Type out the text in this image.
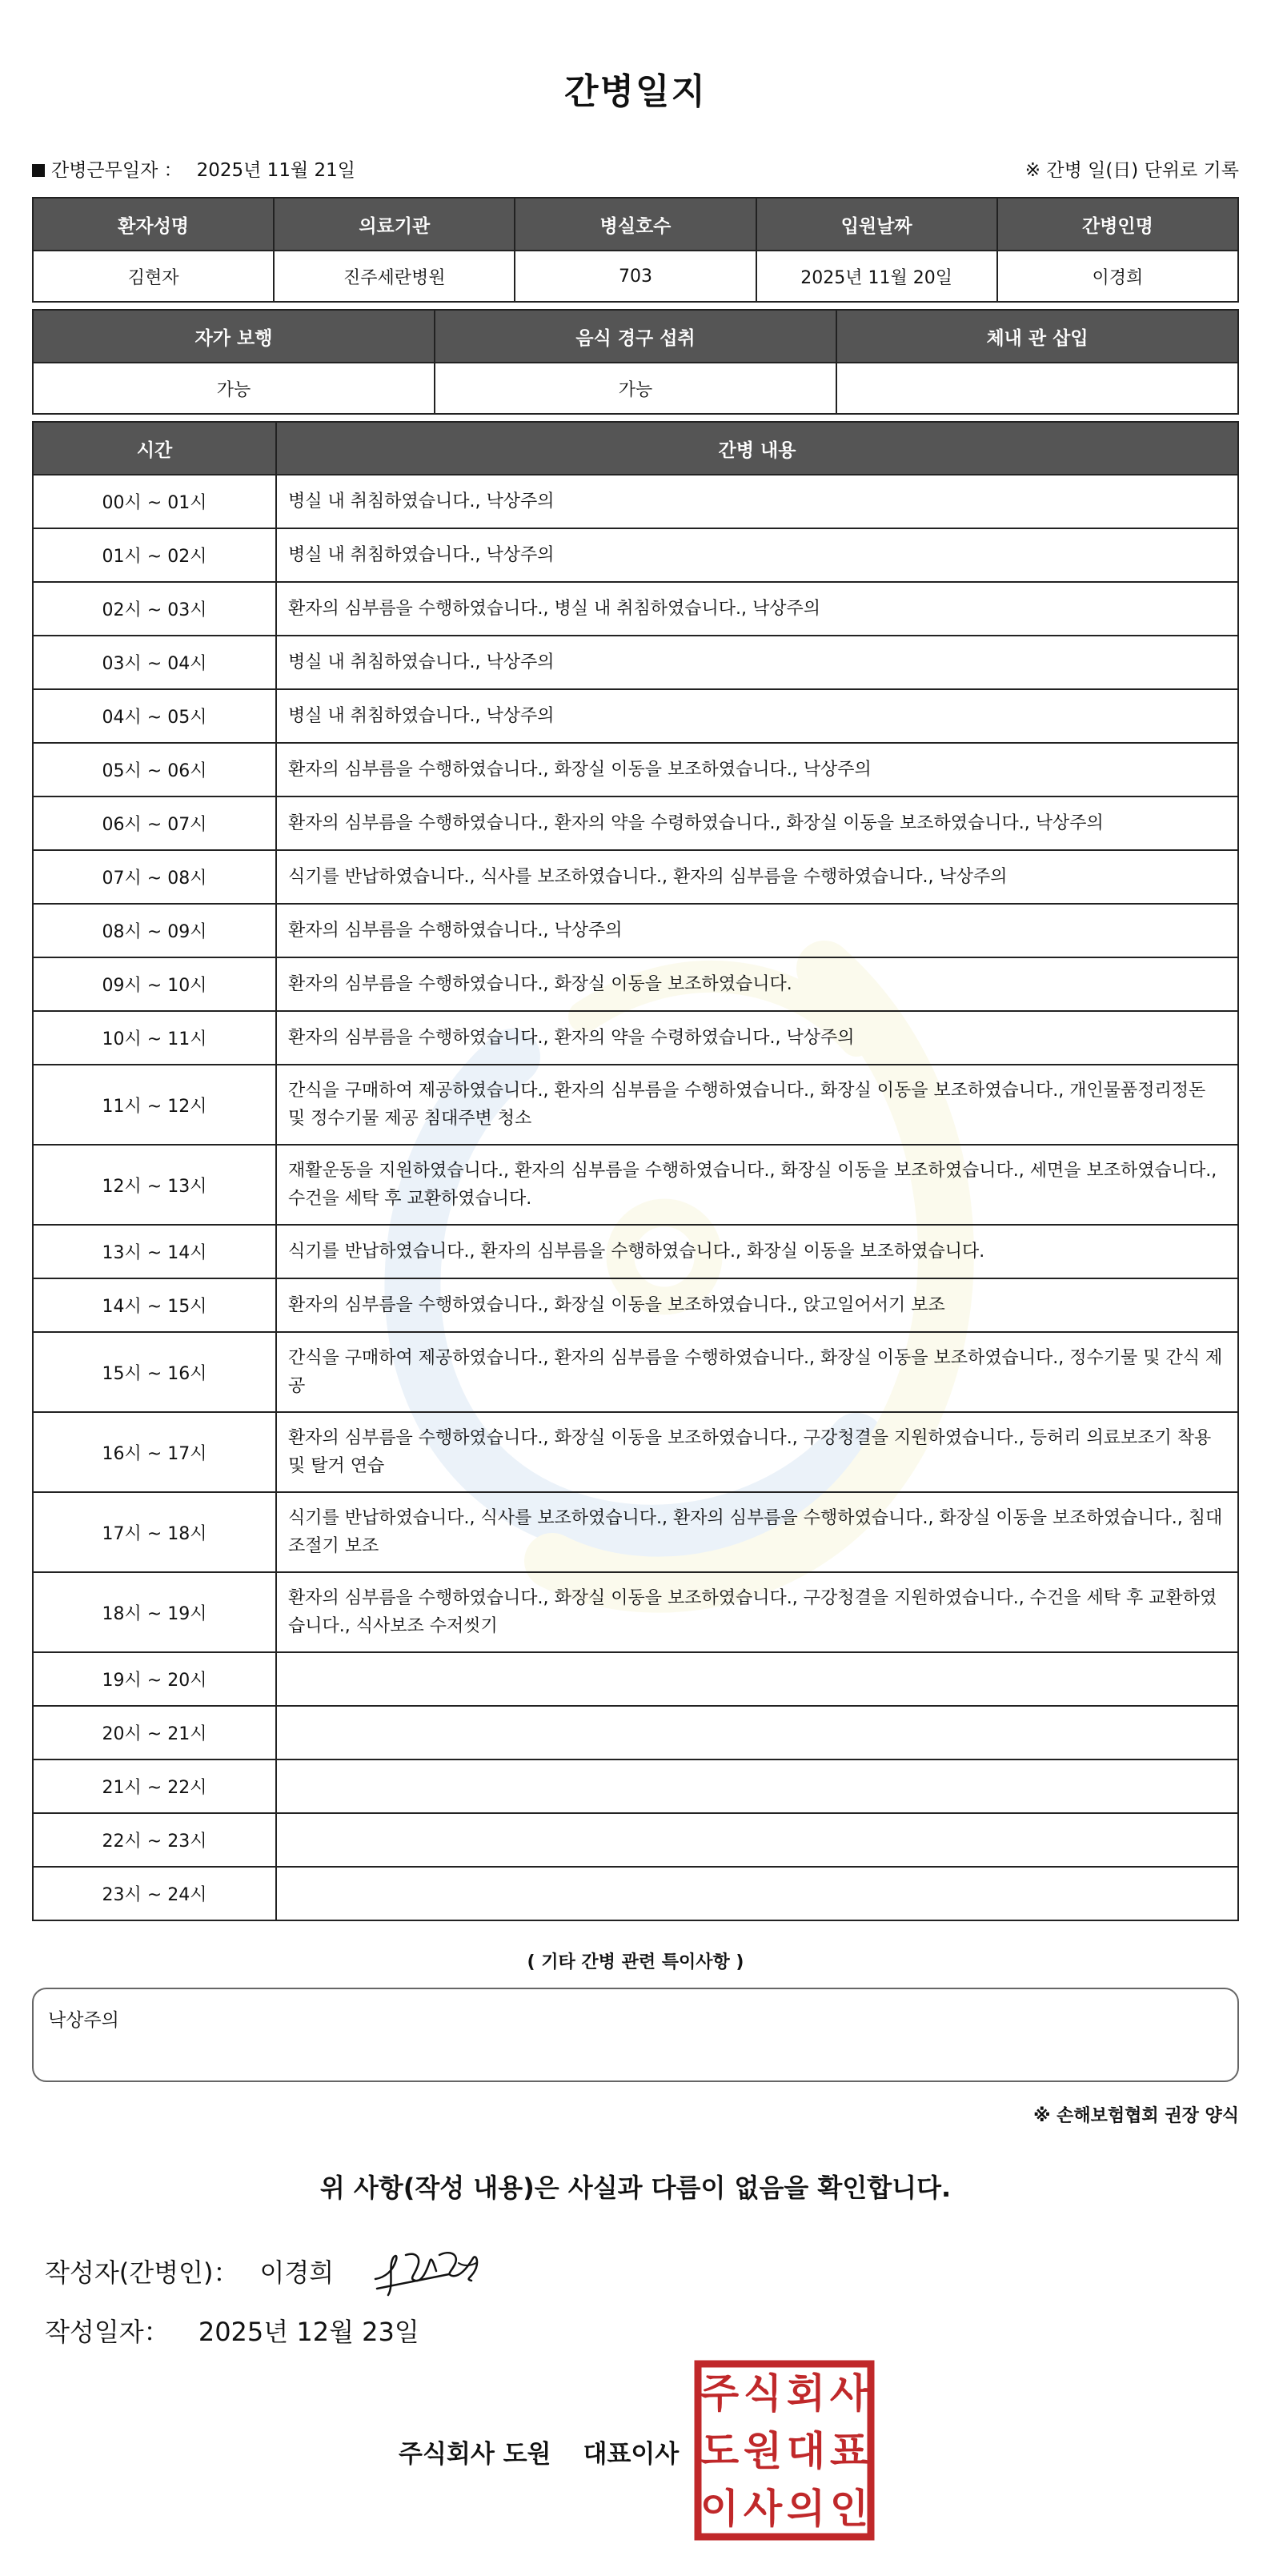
간병일지
간병근무일자 ： 2025년 11월 21일	※ 간병 일(日) 단위로 기록
환자성명	의료기관	병실호수	입원날짜	간병인명
김현자	진주세란병원	703	2025년 11월 20일	이경희
자가 보행	음식 경구 섭취	체내 관 삽입
가능	가능	
시간	간병 내용
00시 ~ 01시	병실 내 취침하였습니다., 낙상주의
01시 ~ 02시	병실 내 취침하였습니다., 낙상주의
02시 ~ 03시	환자의 심부름을 수행하였습니다., 병실 내 취침하였습니다., 낙상주의
03시 ~ 04시	병실 내 취침하였습니다., 낙상주의
04시 ~ 05시	병실 내 취침하였습니다., 낙상주의
05시 ~ 06시	환자의 심부름을 수행하였습니다., 화장실 이동을 보조하였습니다., 낙상주의
06시 ~ 07시	환자의 심부름을 수행하였습니다., 환자의 약을 수령하였습니다., 화장실 이동을 보조하였습니다., 낙상주의
07시 ~ 08시	식기를 반납하였습니다., 식사를 보조하였습니다., 환자의 심부름을 수행하였습니다., 낙상주의
08시 ~ 09시	환자의 심부름을 수행하였습니다., 낙상주의
09시 ~ 10시	환자의 심부름을 수행하였습니다., 화장실 이동을 보조하였습니다.
10시 ~ 11시	환자의 심부름을 수행하였습니다., 환자의 약을 수령하였습니다., 낙상주의
11시 ~ 12시	간식을 구매하여 제공하였습니다., 환자의 심부름을 수행하였습니다., 화장실 이동을 보조하였습니다., 개인물품정리정돈 및 정수기물 제공 침대주변 청소
12시 ~ 13시	재활운동을 지원하였습니다., 환자의 심부름을 수행하였습니다., 화장실 이동을 보조하였습니다., 세면을 보조하였습니다., 수건을 세탁 후 교환하였습니다.
13시 ~ 14시	식기를 반납하였습니다., 환자의 심부름을 수행하였습니다., 화장실 이동을 보조하였습니다.
14시 ~ 15시	환자의 심부름을 수행하였습니다., 화장실 이동을 보조하였습니다., 앉고일어서기 보조
15시 ~ 16시	간식을 구매하여 제공하였습니다., 환자의 심부름을 수행하였습니다., 화장실 이동을 보조하였습니다., 정수기물 및 간식 제공
16시 ~ 17시	환자의 심부름을 수행하였습니다., 화장실 이동을 보조하였습니다., 구강청결을 지원하였습니다., 등허리 의료보조기 착용 및 탈거 연습
17시 ~ 18시	식기를 반납하였습니다., 식사를 보조하였습니다., 환자의 심부름을 수행하였습니다., 화장실 이동을 보조하였습니다., 침대조절기 보조
18시 ~ 19시	환자의 심부름을 수행하였습니다., 화장실 이동을 보조하였습니다., 구강청결을 지원하였습니다., 수건을 세탁 후 교환하였습니다., 식사보조 수저씻기
19시 ~ 20시	
20시 ~ 21시	
21시 ~ 22시	
22시 ~ 23시	
23시 ~ 24시	
( 기타 간병 관련 특이사항 )
낙상주의
※ 손해보험협회 권장 양식
위 사항(작성 내용)은 사실과 다름이 없음을 확인합니다.
작성자(간병인)： 이경희
작성일자： 2025년 12월 23일
주식회사 도원 대표이사
주 식 회 사
도 원 대 표
이 사 의 인
